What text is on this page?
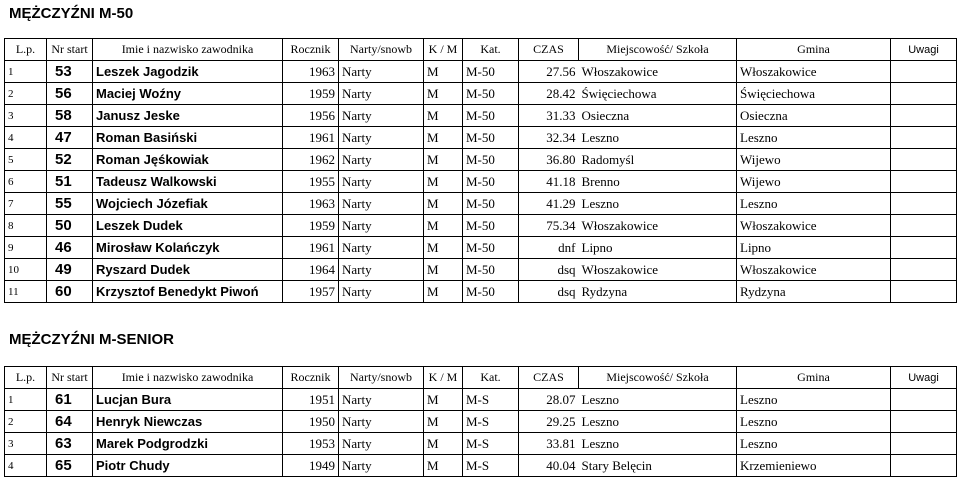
MĘŻCZYŹNI M-50
L.p.	Nr start	Imie i nazwisko zawodnika	Rocznik	Narty/snowb	K / M	Kat.	CZAS	Miejscowość/ Szkoła	Gmina	Uwagi
1	53	Leszek Jagodzik	1963	Narty	M	M-50	27.56	Włoszakowice	Włoszakowice	
2	56	Maciej Woźny	1959	Narty	M	M-50	28.42	Święciechowa	Święciechowa	
3	58	Janusz Jeske	1956	Narty	M	M-50	31.33	Osieczna	Osieczna	
4	47	Roman Basiński	1961	Narty	M	M-50	32.34	Leszno	Leszno	
5	52	Roman Jęśkowiak	1962	Narty	M	M-50	36.80	Radomyśl	Wijewo	
6	51	Tadeusz Walkowski	1955	Narty	M	M-50	41.18	Brenno	Wijewo	
7	55	Wojciech Józefiak	1963	Narty	M	M-50	41.29	Leszno	Leszno	
8	50	Leszek Dudek	1959	Narty	M	M-50	75.34	Włoszakowice	Włoszakowice	
9	46	Mirosław Kolańczyk	1961	Narty	M	M-50	dnf	Lipno	Lipno	
10	49	Ryszard Dudek	1964	Narty	M	M-50	dsq	Włoszakowice	Włoszakowice	
11	60	Krzysztof Benedykt Piwoń	1957	Narty	M	M-50	dsq	Rydzyna	Rydzyna	
MĘŻCZYŹNI M-SENIOR
L.p.	Nr start	Imie i nazwisko zawodnika	Rocznik	Narty/snowb	K / M	Kat.	CZAS	Miejscowość/ Szkoła	Gmina	Uwagi
1	61	Lucjan Bura	1951	Narty	M	M-S	28.07	Leszno	Leszno	
2	64	Henryk Niewczas	1950	Narty	M	M-S	29.25	Leszno	Leszno	
3	63	Marek Podgrodzki	1953	Narty	M	M-S	33.81	Leszno	Leszno	
4	65	Piotr Chudy	1949	Narty	M	M-S	40.04	Stary Belęcin	Krzemieniewo	
